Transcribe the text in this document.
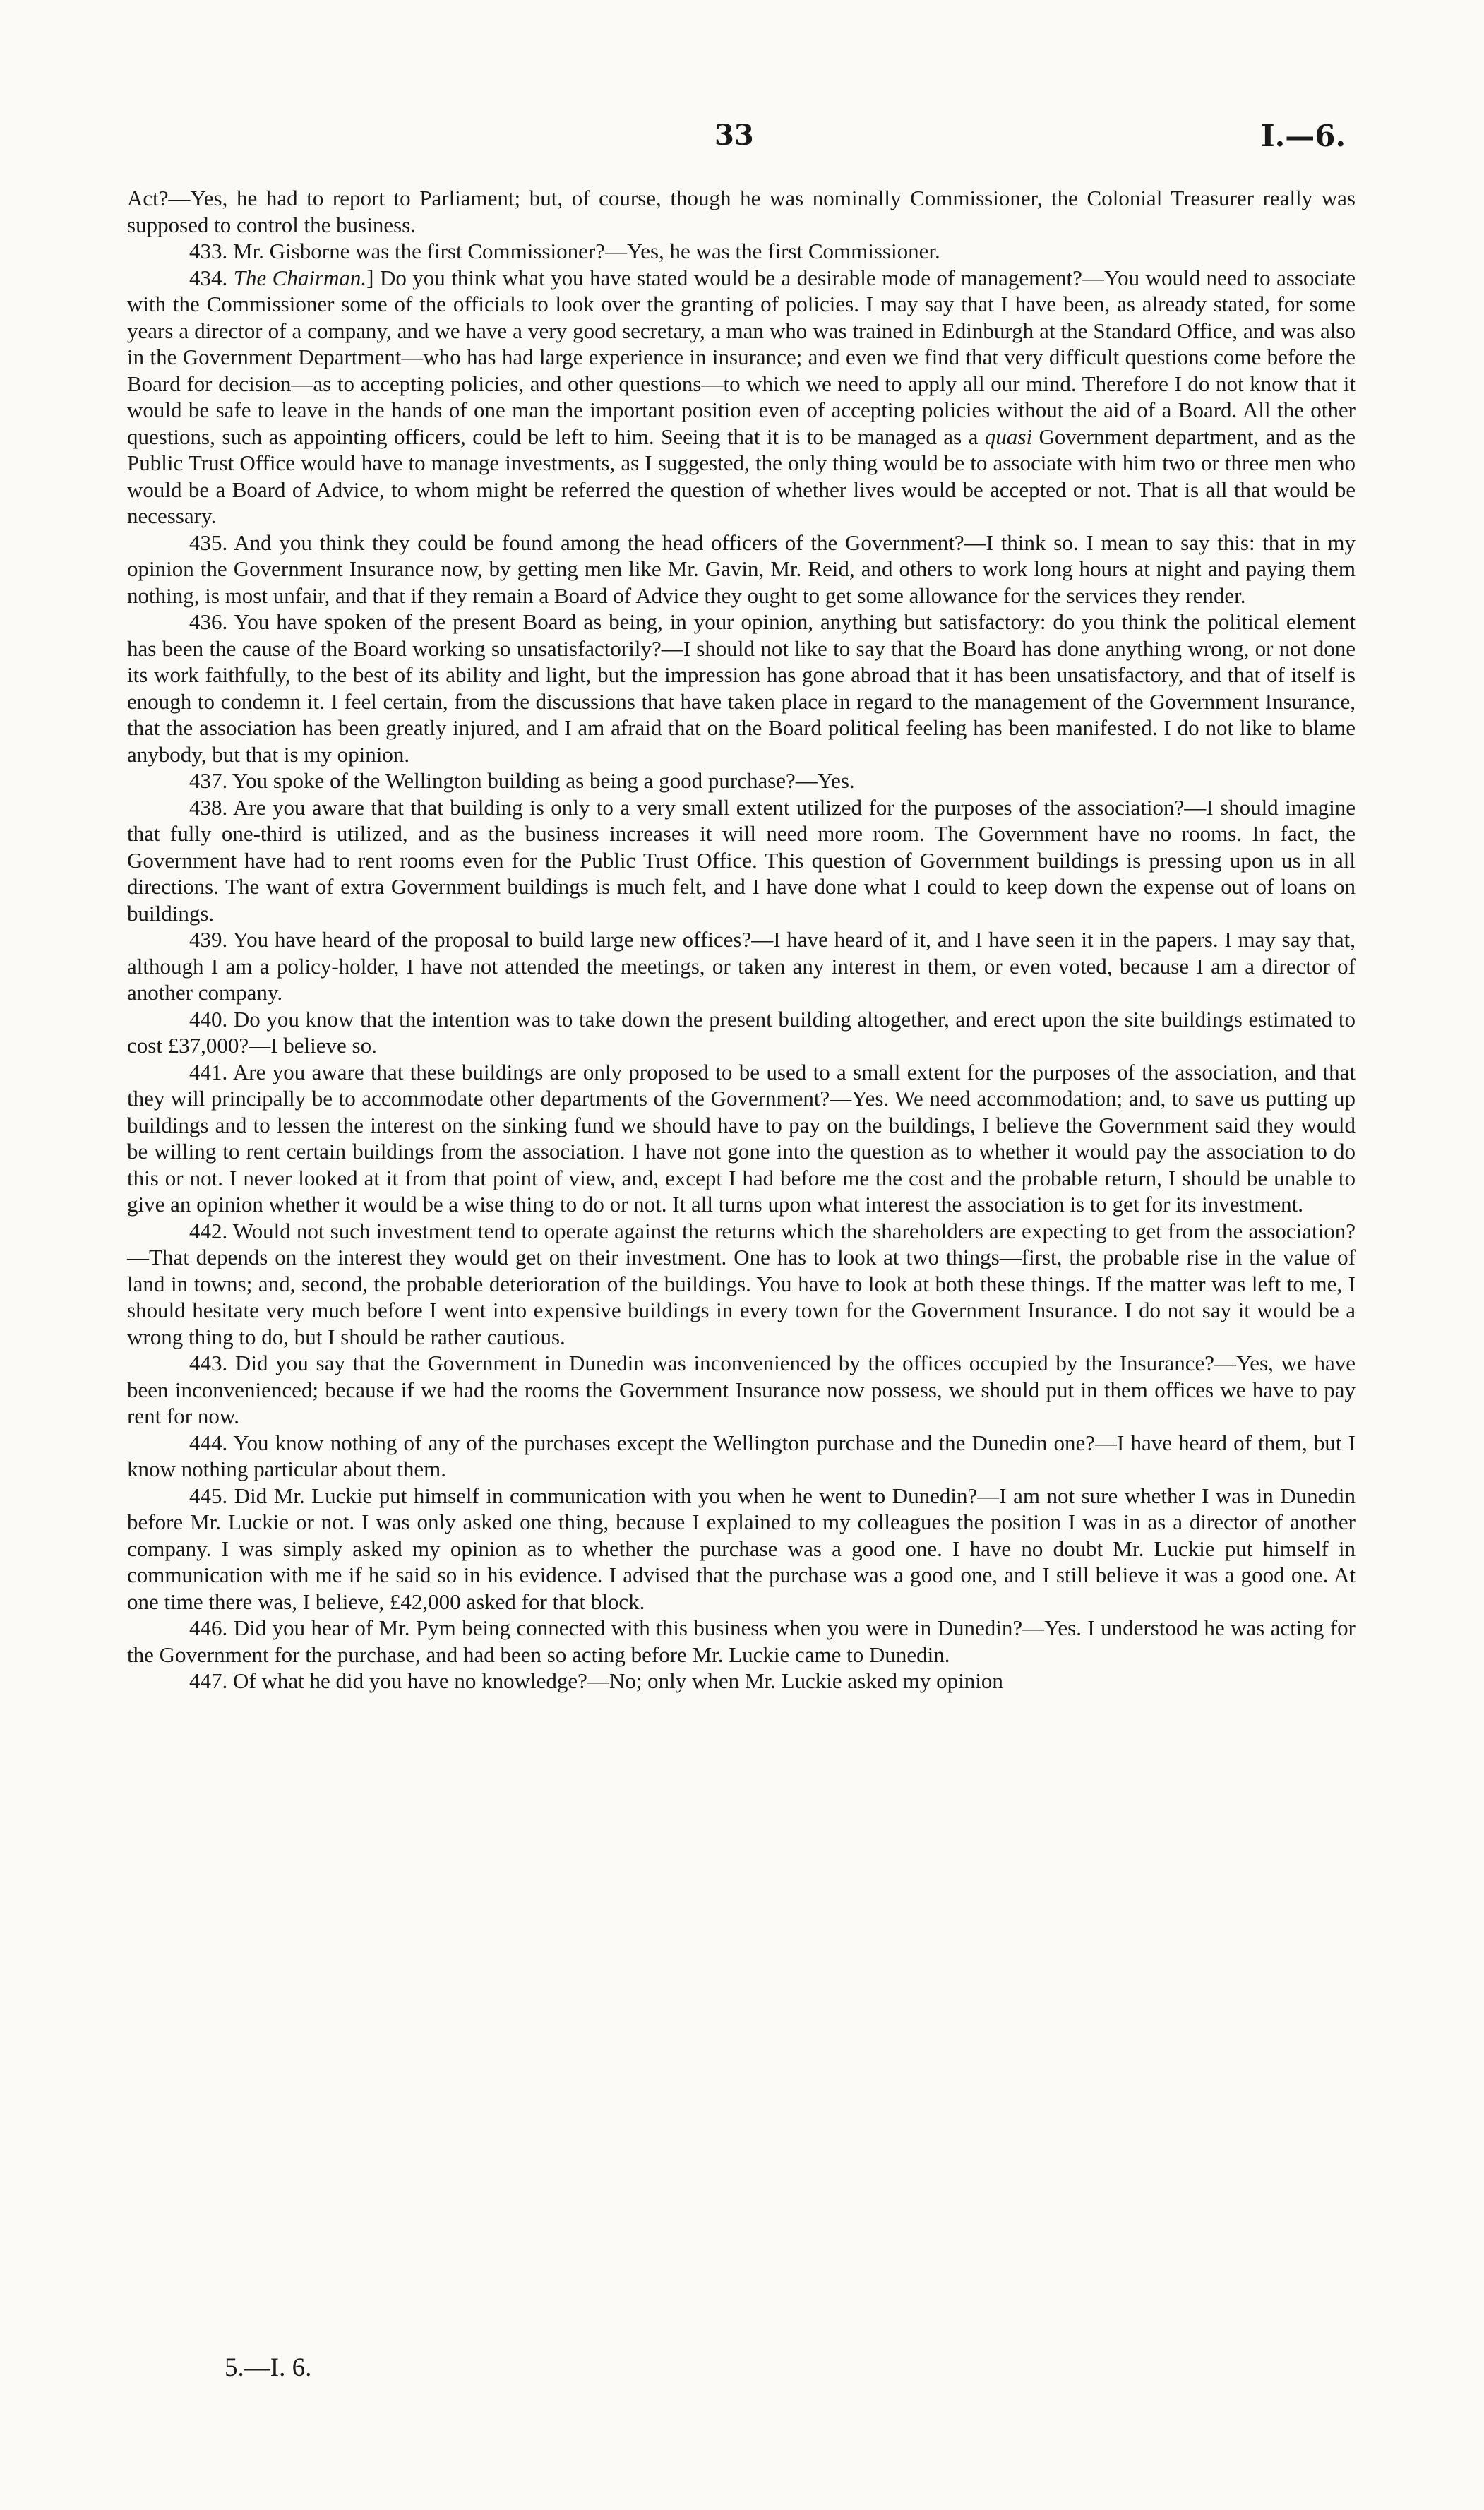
33	I.—6.

Act?—Yes, he had to report to Parliament; but, of course, though he was nominally Commissioner, the Colonial Treasurer really was supposed to control the business.

433. Mr. Gisborne was the first Commissioner?—Yes, he was the first Commissioner.

434. The Chairman.] Do you think what you have stated would be a desirable mode of management?—You would need to associate with the Commissioner some of the officials to look over the granting of policies. I may say that I have been, as already stated, for some years a director of a company, and we have a very good secretary, a man who was trained in Edinburgh at the Standard Office, and was also in the Government Department—who has had large experience in insurance; and even we find that very difficult questions come before the Board for decision—as to accepting policies, and other questions—to which we need to apply all our mind. Therefore I do not know that it would be safe to leave in the hands of one man the important position even of accepting policies without the aid of a Board. All the other questions, such as appointing officers, could be left to him. Seeing that it is to be managed as a quasi Government department, and as the Public Trust Office would have to manage investments, as I suggested, the only thing would be to associate with him two or three men who would be a Board of Advice, to whom might be referred the question of whether lives would be accepted or not. That is all that would be necessary.

435. And you think they could be found among the head officers of the Government?—I think so. I mean to say this: that in my opinion the Government Insurance now, by getting men like Mr. Gavin, Mr. Reid, and others to work long hours at night and paying them nothing, is most unfair, and that if they remain a Board of Advice they ought to get some allowance for the services they render.

436. You have spoken of the present Board as being, in your opinion, anything but satisfactory: do you think the political element has been the cause of the Board working so unsatisfactorily?—I should not like to say that the Board has done anything wrong, or not done its work faithfully, to the best of its ability and light, but the impression has gone abroad that it has been unsatisfactory, and that of itself is enough to condemn it. I feel certain, from the discussions that have taken place in regard to the management of the Government Insurance, that the association has been greatly injured, and I am afraid that on the Board political feeling has been manifested. I do not like to blame anybody, but that is my opinion.

437. You spoke of the Wellington building as being a good purchase?—Yes.

438. Are you aware that that building is only to a very small extent utilized for the purposes of the association?—I should imagine that fully one-third is utilized, and as the business increases it will need more room. The Government have no rooms. In fact, the Government have had to rent rooms even for the Public Trust Office. This question of Government buildings is pressing upon us in all directions. The want of extra Government buildings is much felt, and I have done what I could to keep down the expense out of loans on buildings.

439. You have heard of the proposal to build large new offices?—I have heard of it, and I have seen it in the papers. I may say that, although I am a policy-holder, I have not attended the meetings, or taken any interest in them, or even voted, because I am a director of another company.

440. Do you know that the intention was to take down the present building altogether, and erect upon the site buildings estimated to cost £37,000?—I believe so.

441. Are you aware that these buildings are only proposed to be used to a small extent for the purposes of the association, and that they will principally be to accommodate other departments of the Government?—Yes. We need accommodation; and, to save us putting up buildings and to lessen the interest on the sinking fund we should have to pay on the buildings, I believe the Government said they would be willing to rent certain buildings from the association. I have not gone into the question as to whether it would pay the association to do this or not. I never looked at it from that point of view, and, except I had before me the cost and the probable return, I should be unable to give an opinion whether it would be a wise thing to do or not. It all turns upon what interest the association is to get for its investment.

442. Would not such investment tend to operate against the returns which the shareholders are expecting to get from the association?—That depends on the interest they would get on their investment. One has to look at two things—first, the probable rise in the value of land in towns; and, second, the probable deterioration of the buildings. You have to look at both these things. If the matter was left to me, I should hesitate very much before I went into expensive buildings in every town for the Government Insurance. I do not say it would be a wrong thing to do, but I should be rather cautious.

443. Did you say that the Government in Dunedin was inconvenienced by the offices occupied by the Insurance?—Yes, we have been inconvenienced; because if we had the rooms the Government Insurance now possess, we should put in them offices we have to pay rent for now.

444. You know nothing of any of the purchases except the Wellington purchase and the Dunedin one?—I have heard of them, but I know nothing particular about them.

445. Did Mr. Luckie put himself in communication with you when he went to Dunedin?—I am not sure whether I was in Dunedin before Mr. Luckie or not. I was only asked one thing, because I explained to my colleagues the position I was in as a director of another company. I was simply asked my opinion as to whether the purchase was a good one. I have no doubt Mr. Luckie put himself in communication with me if he said so in his evidence. I advised that the purchase was a good one, and I still believe it was a good one. At one time there was, I believe, £42,000 asked for that block.

446. Did you hear of Mr. Pym being connected with this business when you were in Dunedin?—Yes. I understood he was acting for the Government for the purchase, and had been so acting before Mr. Luckie came to Dunedin.

447. Of what he did you have no knowledge?—No; only when Mr. Luckie asked my opinion

5.—I. 6.
